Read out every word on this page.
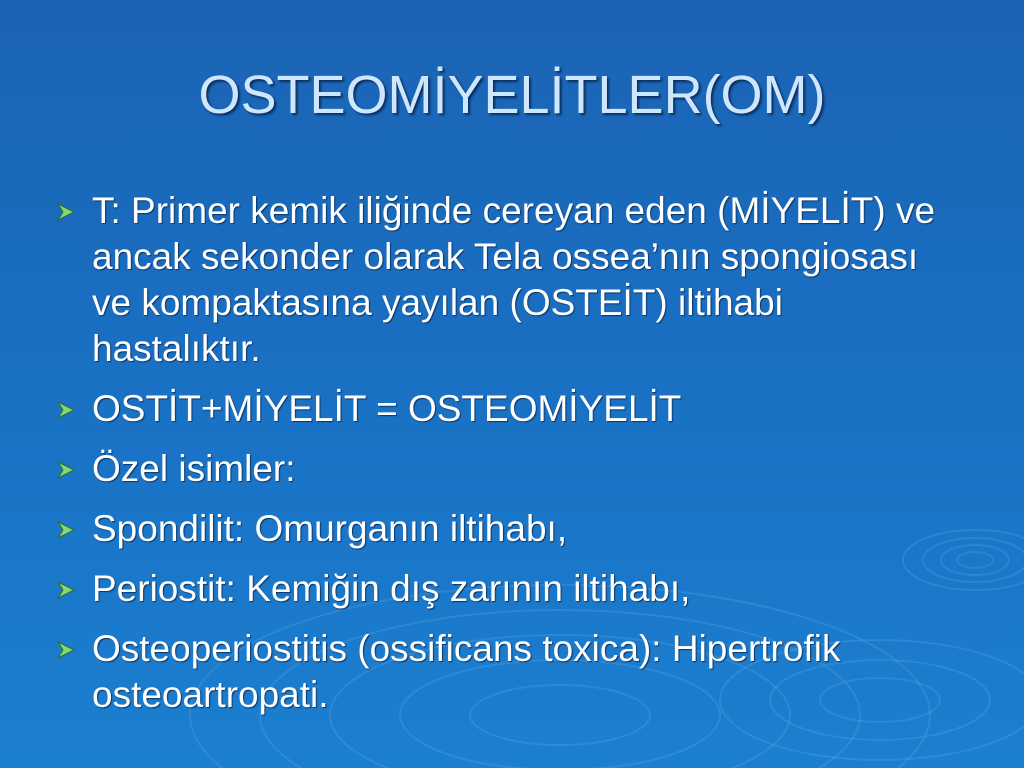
OSTEOMİYELİTLER(OM)
T: Primer kemik iliğinde cereyan eden (MİYELİT) ve ancak sekonder olarak Tela ossea’nın spongiosası ve kompaktasına yayılan (OSTEİT) iltihabi hastalıktır.
OSTİT+MİYELİT = OSTEOMİYELİT
Özel isimler:
Spondilit: Omurganın iltihabı,
Periostit: Kemiğin dış zarının iltihabı,
Osteoperiostitis (ossificans toxica): Hipertrofik osteoartropati.
